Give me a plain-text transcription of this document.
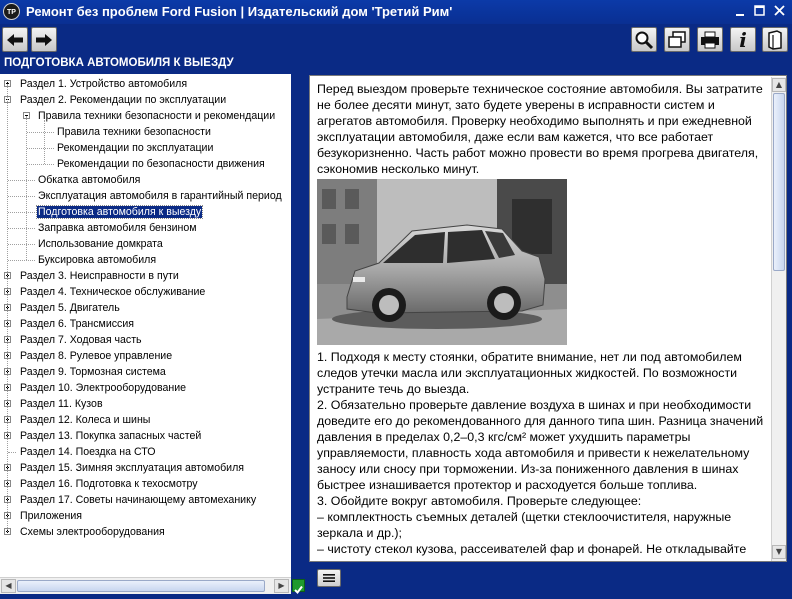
ТР Ремонт без проблем Ford Fusion | Издательский дом 'Третий Рим'
i
ПОДГОТОВКА АВТОМОБИЛЯ К ВЫЕЗДУ
Раздел 1. Устройство автомобиля
Раздел 2. Рекомендации по эксплуатации
Правила техники безопасности и рекомендации
Правила техники безопасности
Рекомендации по эксплуатации
Рекомендации по безопасности движения
Обкатка автомобиля
Эксплуатация автомобиля в гарантийный период
Подготовка автомобиля к выезду
Заправка автомобиля бензином
Использование домкрата
Буксировка автомобиля
Раздел 3. Неисправности в пути
Раздел 4. Техническое обслуживание
Раздел 5. Двигатель
Раздел 6. Трансмиссия
Раздел 7. Ходовая часть
Раздел 8. Рулевое управление
Раздел 9. Тормозная система
Раздел 10. Электрооборудование
Раздел 11. Кузов
Раздел 12. Колеса и шины
Раздел 13. Покупка запасных частей
Раздел 14. Поездка на СТО
Раздел 15. Зимняя эксплуатация автомобиля
Раздел 16. Подготовка к техосмотру
Раздел 17. Советы начинающему автомеханику
Приложения
Схемы электрооборудования
◀	▶

Перед выездом проверьте техническое состояние автомобиля. Вы затратите не более десяти минут, зато будете уверены в исправности систем и агрегатов автомобиля. Проверку необходимо выполнять и при ежедневной эксплуатации автомобиля, даже если вам кажется, что все работает безукоризненно. Часть работ можно провести во время прогрева двигателя, сэкономив несколько минут.

1. Подходя к месту стоянки, обратите внимание, нет ли под автомобилем следов утечки масла или эксплуатационных жидкостей. По возможности устраните течь до выезда.

2. Обязательно проверьте давление воздуха в шинах и при необходимости доведите его до рекомендованного для данного типа шин. Разница значений давления в пределах 0,2–0,3 кгс/см² может ухудшить параметры управляемости, плавность хода автомобиля и привести к нежелательному заносу или сносу при торможении. Из-за пониженного давления в шинах быстрее изнашивается протектор и расходуется больше топлива.

3. Обойдите вокруг автомобиля. Проверьте следующее:

– комплектность съемных деталей (щетки стеклоочистителя, наружные зеркала и др.);

– чистоту стекол кузова, рассеивателей фар и фонарей. Не откладывайте

▲
▼
